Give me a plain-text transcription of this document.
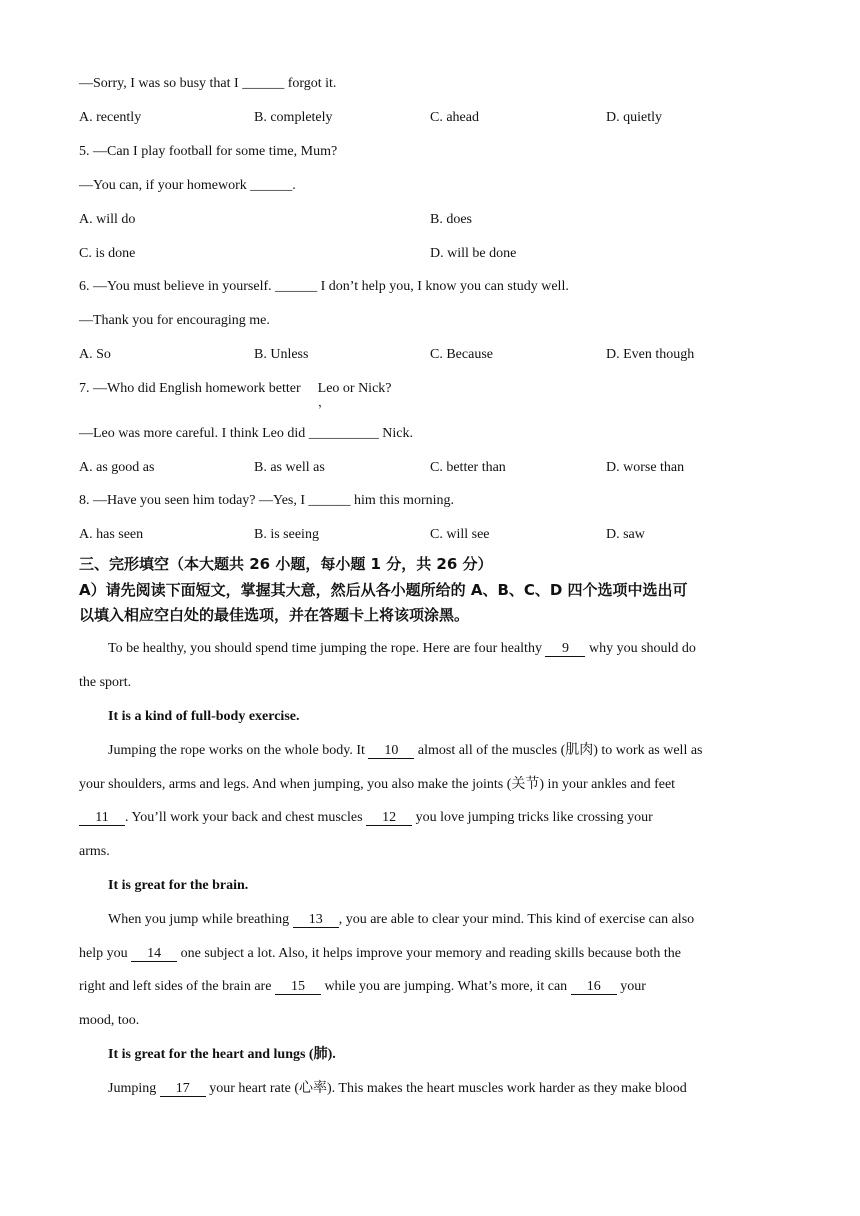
—Sorry, I was so busy that I ______ forgot it.
A. recently	B. completely	C. ahead	D. quietly
5. —Can I play football for some time, Mum?
—You can, if your homework ______.
A. will do	B. does
C. is done	D. will be done
6. —You must believe in yourself. ______ I don’t help you, I know you can study well.
—Thank you for encouraging me.
A. So	B. Unless	C. Because	D. Even though
7. —Who did English homework better Leo or Nick?
，
—Leo was more careful. I think Leo did __________ Nick.
A. as good as	B. as well as	C. better than	D. worse than
8. —Have you seen him today? —Yes, I ______ him this morning.
A. has seen	B. is seeing	C. will see	D. saw
三、完形填空（本大题共 26 小题，每小题 1 分，共 26 分）
A）请先阅读下面短文，掌握其大意，然后从各小题所给的 A、B、C、D 四个选项中选出可
以填入相应空白处的最佳选项，并在答题卡上将该项涂黑。
To be healthy, you should spend time jumping the rope. Here are four healthy 9 why you should do
the sport.
It is a kind of full-body exercise.
Jumping the rope works on the whole body. It 10 almost all of the muscles (肌肉) to work as well as
your shoulders, arms and legs. And when jumping, you also make the joints (关节) in your ankles and feet
11 . You’ll work your back and chest muscles 12 you love jumping tricks like crossing your
arms.
It is great for the brain.
When you jump while breathing 13 , you are able to clear your mind. This kind of exercise can also
help you 14 one subject a lot. Also, it helps improve your memory and reading skills because both the
right and left sides of the brain are 15 while you are jumping. What’s more, it can 16 your
mood, too.
It is great for the heart and lungs (肺).
Jumping 17 your heart rate (心率). This makes the heart muscles work harder as they make blood
